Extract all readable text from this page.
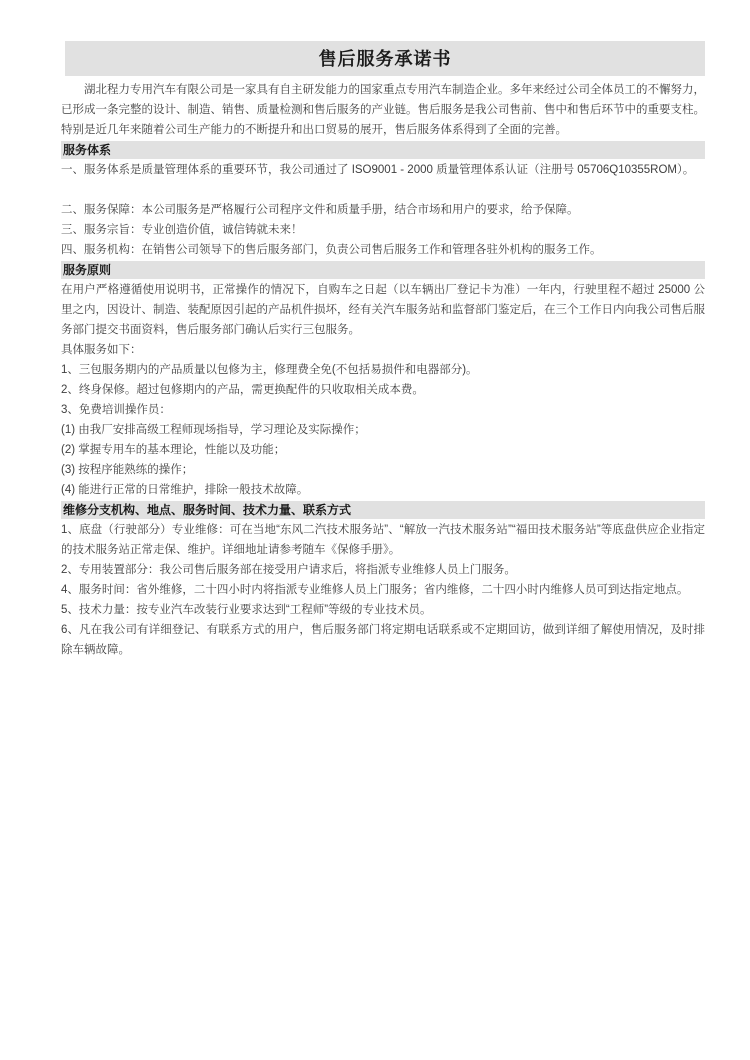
售后服务承诺书

湖北程力专用汽车有限公司是一家具有自主研发能力的国家重点专用汽车制造企业。多年来经过公司全体员工的不懈努力，已形成一条完整的设计、制造、销售、质量检测和售后服务的产业链。售后服务是我公司售前、售中和售后环节中的重要支柱。特别是近几年来随着公司生产能力的不断提升和出口贸易的展开，售后服务体系得到了全面的完善。

服务体系
一、服务体系是质量管理体系的重要环节，我公司通过了 ISO9001 - 2000 质量管理体系认证（注册号 05706Q10355ROM）。
二、服务保障：本公司服务是严格履行公司程序文件和质量手册，结合市场和用户的要求，给予保障。
三、服务宗旨：专业创造价值，诚信铸就未来！
四、服务机构：在销售公司领导下的售后服务部门，负责公司售后服务工作和管理各驻外机构的服务工作。
服务原则
在用户严格遵循使用说明书，正常操作的情况下，自购车之日起（以车辆出厂登记卡为准）一年内，行驶里程不超过 25000 公里之内，因设计、制造、装配原因引起的产品机件损坏，经有关汽车服务站和监督部门鉴定后，在三个工作日内向我公司售后服务部门提交书面资料，售后服务部门确认后实行三包服务。
具体服务如下：
1、三包服务期内的产品质量以包修为主，修理费全免(不包括易损件和电器部分)。
2、终身保修。超过包修期内的产品，需更换配件的只收取相关成本费。
3、免费培训操作员：
(1) 由我厂安排高级工程师现场指导，学习理论及实际操作；
(2) 掌握专用车的基本理论，性能以及功能；
(3) 按程序能熟练的操作；
(4) 能进行正常的日常维护，排除一般技术故障。
维修分支机构、地点、服务时间、技术力量、联系方式
1、底盘（行驶部分）专业维修：可在当地“东风二汽技术服务站”、“解放一汽技术服务站”“福田技术服务站”等底盘供应企业指定的技术服务站正常走保、维护。详细地址请参考随车《保修手册》。
2、专用装置部分：我公司售后服务部在接受用户请求后，将指派专业维修人员上门服务。
4、服务时间：省外维修，二十四小时内将指派专业维修人员上门服务；省内维修，二十四小时内维修人员可到达指定地点。
5、技术力量：按专业汽车改装行业要求达到“工程师”等级的专业技术员。
6、凡在我公司有详细登记、有联系方式的用户，售后服务部门将定期电话联系或不定期回访，做到详细了解使用情况，及时排除车辆故障。
